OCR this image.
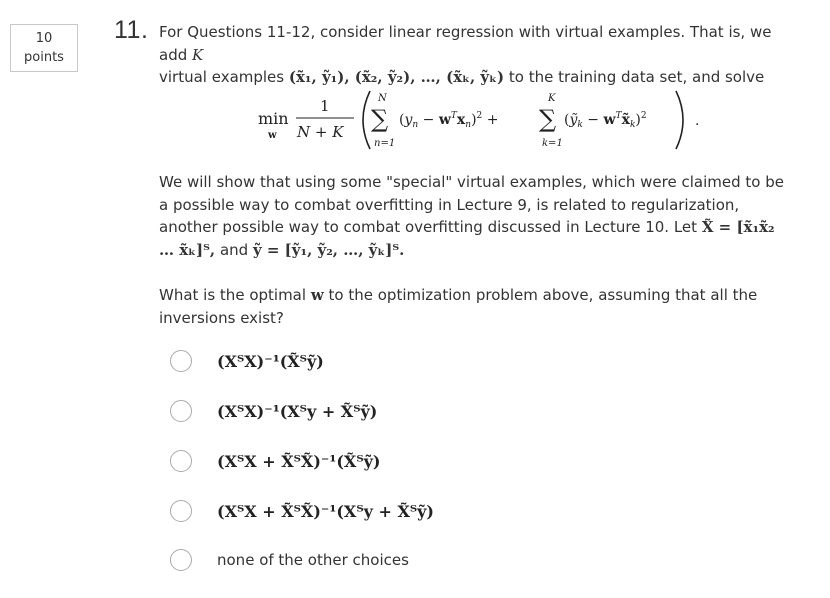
10
points
11. For Questions 11-12, consider linear regression with virtual examples. That is, we add K
virtual examples (x̃₁, ỹ₁), (x̃₂, ỹ₂), …, (x̃ₖ, ỹₖ) to the training data set, and solve
min
w
1
N + K
N
∑
n=1
$(y_n - w^Tx_n)^2$ +
K
∑
k=1
(ỹ$_k$ − $w^Tx̃_k)^2$	.
We will show that using some "special" virtual examples, which were claimed to be a possible way to combat overfitting in Lecture 9, is related to regularization, another possible way to combat overfitting discussed in Lecture 10. Let X̃ = [x̃₁x̃₂ … x̃ₖ]ᵀ, and ỹ = [ỹ₁, ỹ₂, …, ỹₖ]ᵀ.
What is the optimal w to the optimization problem above, assuming that all the inversions exist?
(XᵀX)⁻¹(X̃ᵀỹ)
(XᵀX)⁻¹(Xᵀy + X̃ᵀỹ)
(XᵀX + X̃ᵀX̃)⁻¹(X̃ᵀỹ)
(XᵀX + X̃ᵀX̃)⁻¹(Xᵀy + X̃ᵀỹ)
none of the other choices
